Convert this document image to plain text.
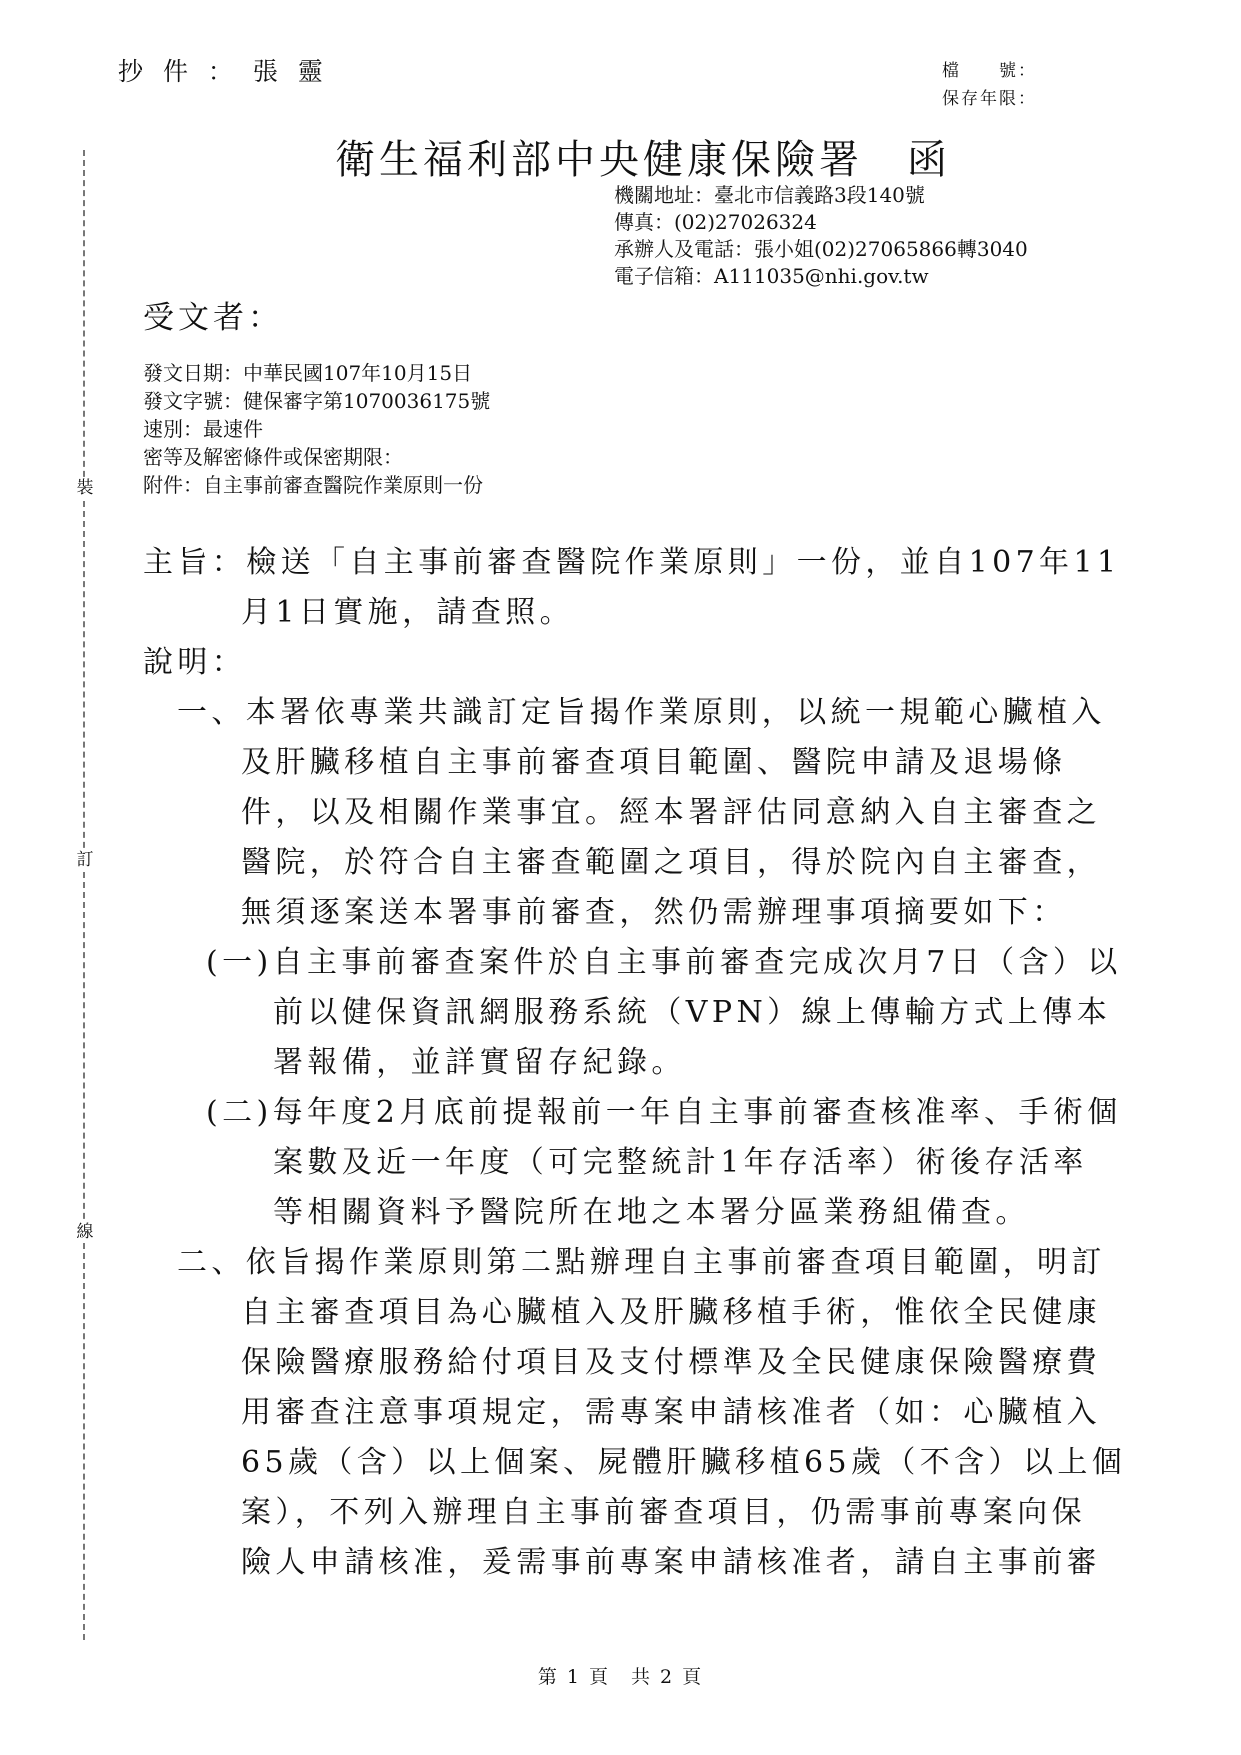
裝
訂
線
抄 件 ： 張 靈	檔　　號：
保存年限：
衛生福利部中央健康保險署　函
機關地址：臺北市信義路3段140號
傳真：(02)27026324
承辦人及電話：張小姐(02)27065866轉3040
電子信箱：A111035@nhi.gov.tw
受文者：
發文日期：中華民國107年10月15日
發文字號：健保審字第1070036175號
速別：最速件
密等及解密條件或保密期限：
附件：自主事前審查醫院作業原則一份
主旨：檢送「自主事前審查醫院作業原則」一份，並自107年11
月1日實施，請查照。
說明：
一、本署依專業共識訂定旨揭作業原則，以統一規範心臟植入
及肝臟移植自主事前審查項目範圍、醫院申請及退場條
件，以及相關作業事宜。經本署評估同意納入自主審查之
醫院，於符合自主審查範圍之項目，得於院內自主審查，
無須逐案送本署事前審查，然仍需辦理事項摘要如下：
(一)自主事前審查案件於自主事前審查完成次月7日（含）以
前以健保資訊網服務系統（VPN）線上傳輸方式上傳本
署報備，並詳實留存紀錄。
(二)每年度2月底前提報前一年自主事前審查核准率、手術個
案數及近一年度（可完整統計1年存活率）術後存活率
等相關資料予醫院所在地之本署分區業務組備查。
二、依旨揭作業原則第二點辦理自主事前審查項目範圍，明訂
自主審查項目為心臟植入及肝臟移植手術，惟依全民健康
保險醫療服務給付項目及支付標準及全民健康保險醫療費
用審查注意事項規定，需專案申請核准者（如：心臟植入
65歲（含）以上個案、屍體肝臟移植65歲（不含）以上個
案），不列入辦理自主事前審查項目，仍需事前專案向保
險人申請核准，爰需事前專案申請核准者，請自主事前審
第 1 頁　共 2 頁
